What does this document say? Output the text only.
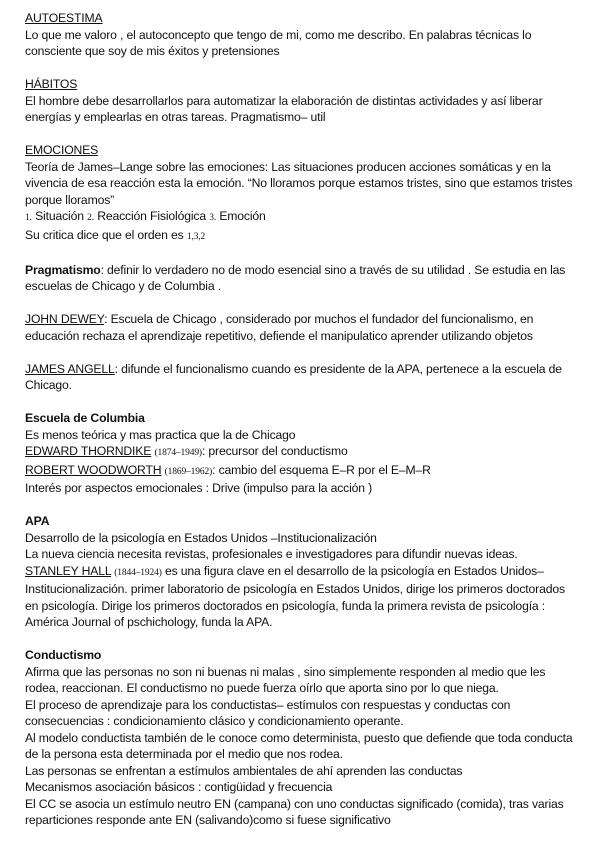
AUTOESTIMA

Lo que me valoro , el autoconcepto que tengo de mi, como me describo. En palabras técnicas lo

consciente que soy de mis éxitos y pretensiones

HÁBITOS

El hombre debe desarrollarlos para automatizar la elaboración de distintas actividades y así liberar

energías y emplearlas en otras tareas. Pragmatismo– util

EMOCIONES

Teoría de James–Lange sobre las emociones: Las situaciones producen acciones somáticas y en la

vivencia de esa reacción esta la emoción. “No lloramos porque estamos tristes, sino que estamos tristes

porque lloramos”

1. Situación 2. Reacción Fisiológica 3. Emoción

Su critica dice que el orden es 1,3,2

Pragmatismo: definir lo verdadero no de modo esencial sino a través de su utilidad . Se estudia en las

escuelas de Chicago y de Columbia .

JOHN DEWEY: Escuela de Chicago , considerado por muchos el fundador del funcionalismo, en

educación rechaza el aprendizaje repetitivo, defiende el manipulatico aprender utilizando objetos

JAMES ANGELL: difunde el funcionalismo cuando es presidente de la APA, pertenece a la escuela de

Chicago.

Escuela de Columbia

Es menos teórica y mas practica que la de Chicago

EDWARD THORNDIKE (1874–1949): precursor del conductismo

ROBERT WOODWORTH (1869–1962): cambio del esquema E–R por el E–M–R

Interés por aspectos emocionales : Drive (impulso para la acción )

APA

Desarrollo de la psicología en Estados Unidos –Institucionalización

La nueva ciencia necesita revistas, profesionales e investigadores para difundir nuevas ideas.

STANLEY HALL (1844–1924) es una figura clave en el desarrollo de la psicología en Estados Unidos–

Institucionalización. primer laboratorio de psicología en Estados Unidos, dirige los primeros doctorados

en psicología. Dirige los primeros doctorados en psicología, funda la primera revista de psicología :

América Journal of pschichology, funda la APA.

Conductismo

Afirma que las personas no son ni buenas ni malas , sino simplemente responden al medio que les

rodea, reaccionan. El conductismo no puede fuerza oírlo que aporta sino por lo que niega.

El proceso de aprendizaje para los conductistas– estímulos con respuestas y conductas con

consecuencias : condicionamiento clásico y condicionamiento operante.

Al modelo conductista también de le conoce como determinista, puesto que defiende que toda conducta

de la persona esta determinada por el medio que nos rodea.

Las personas se enfrentan a estímulos ambientales de ahí aprenden las conductas

Mecanismos asociación básicos : contigüidad y frecuencia

El CC se asocia un estímulo neutro EN (campana) con uno conductas significado (comida), tras varias

reparticiones responde ante EN (salivando)como si fuese significativo
